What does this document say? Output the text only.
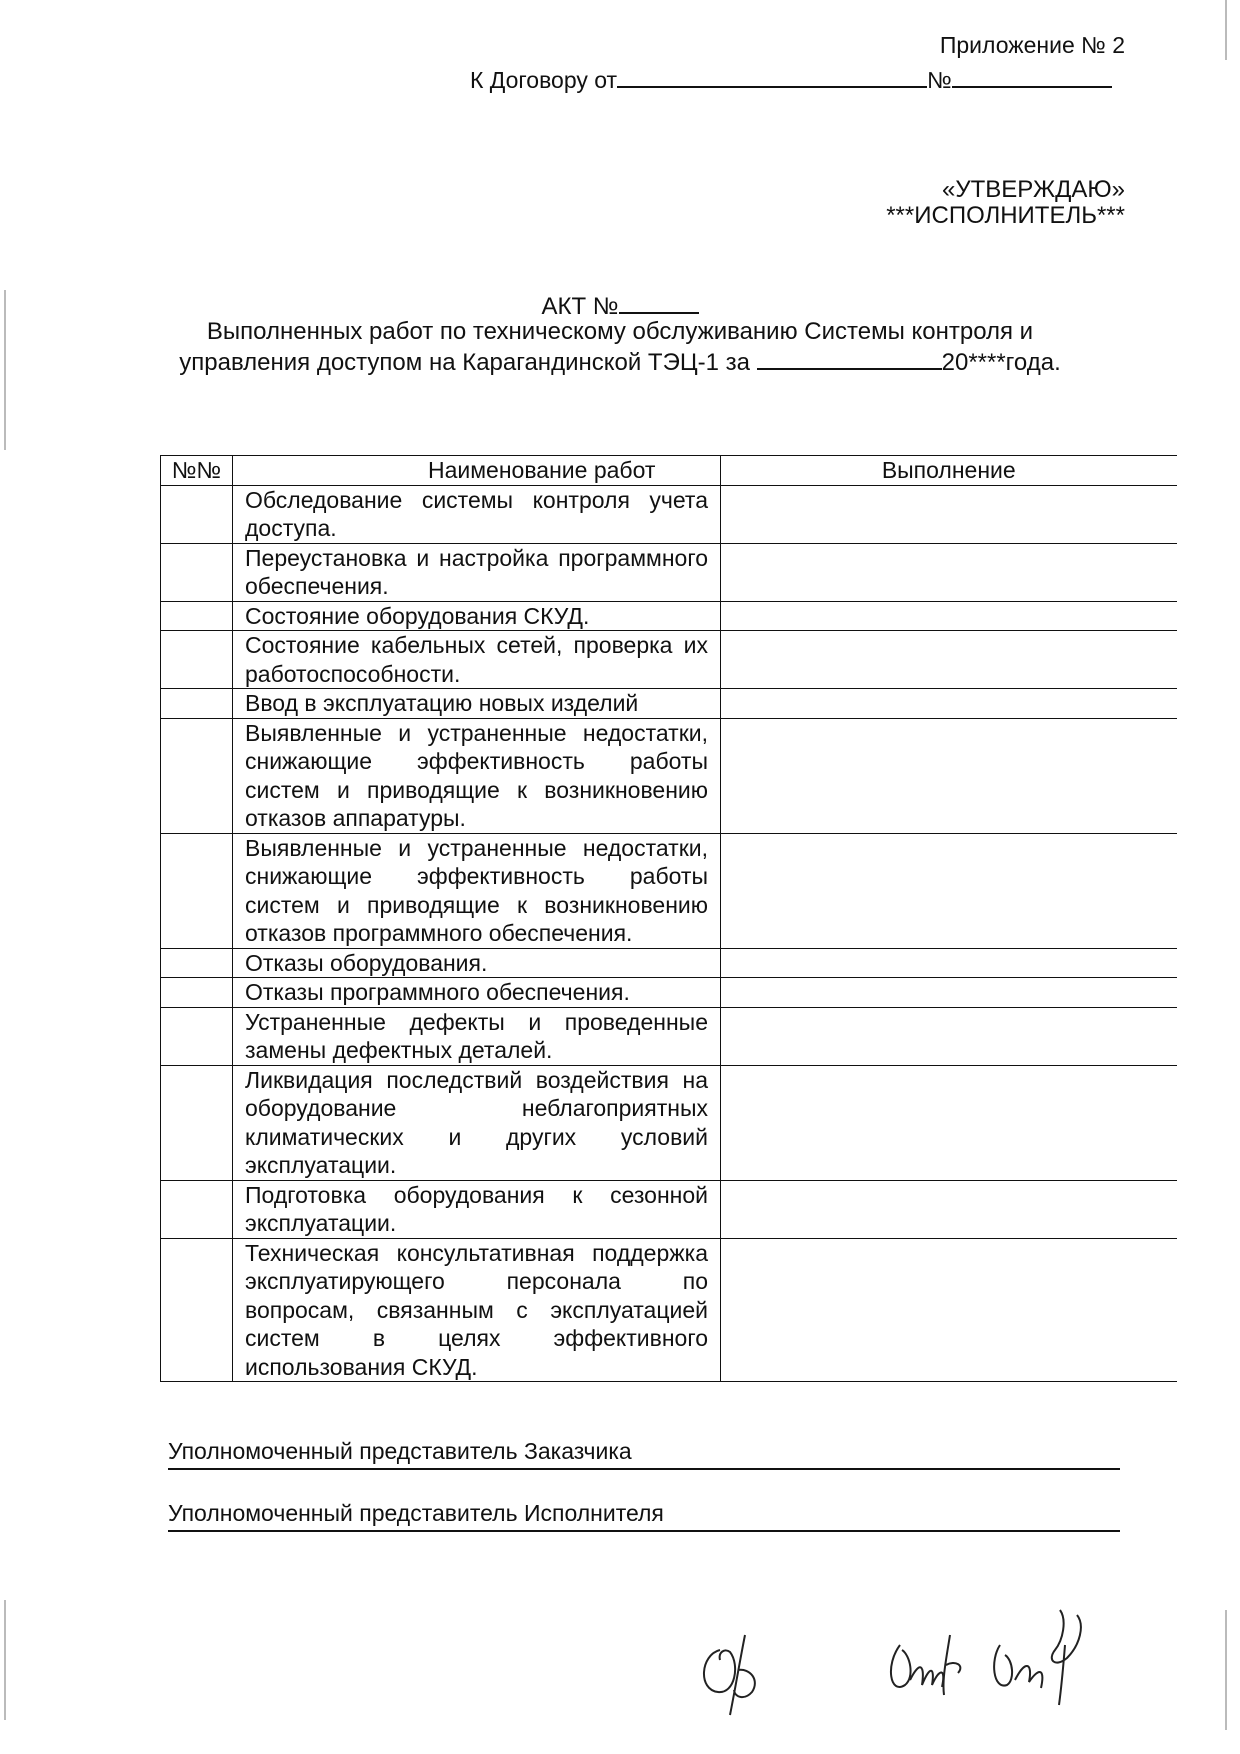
Приложение № 2
К Договору от	№
«УТВЕРЖДАЮ»
***ИСПОЛНИТЕЛЬ***
АКТ №
Выполненных работ по техническому обслуживанию Системы контроля и
управления доступом на Карагандинской ТЭЦ-1 за	20****года.
№№	Наименование работ	Выполнение
	Обследование системы контроля учета доступа.	
	Переустановка и настройка программного обеспечения.	
	Состояние оборудования СКУД.	
	Состояние кабельных сетей, проверка их работоспособности.	
	Ввод в эксплуатацию новых изделий	
	Выявленные и устраненные недостатки, снижающие эффективность работы систем и приводящие к возникновению отказов аппаратуры.	
	Выявленные и устраненные недостатки, снижающие эффективность работы систем и приводящие к возникновению отказов программного обеспечения.	
	Отказы оборудования.	
	Отказы программного обеспечения.	
	Устраненные дефекты и проведенные замены дефектных деталей.	
	Ликвидация последствий воздействия на оборудование неблагоприятных климатических и других условий эксплуатации.	
	Подготовка оборудования к сезонной эксплуатации.	
	Техническая консультативная поддержка эксплуатирующего персонала по вопросам, связанным с эксплуатацией систем в целях эффективного использования СКУД.	
Уполномоченный представитель Заказчика
Уполномоченный представитель Исполнителя
